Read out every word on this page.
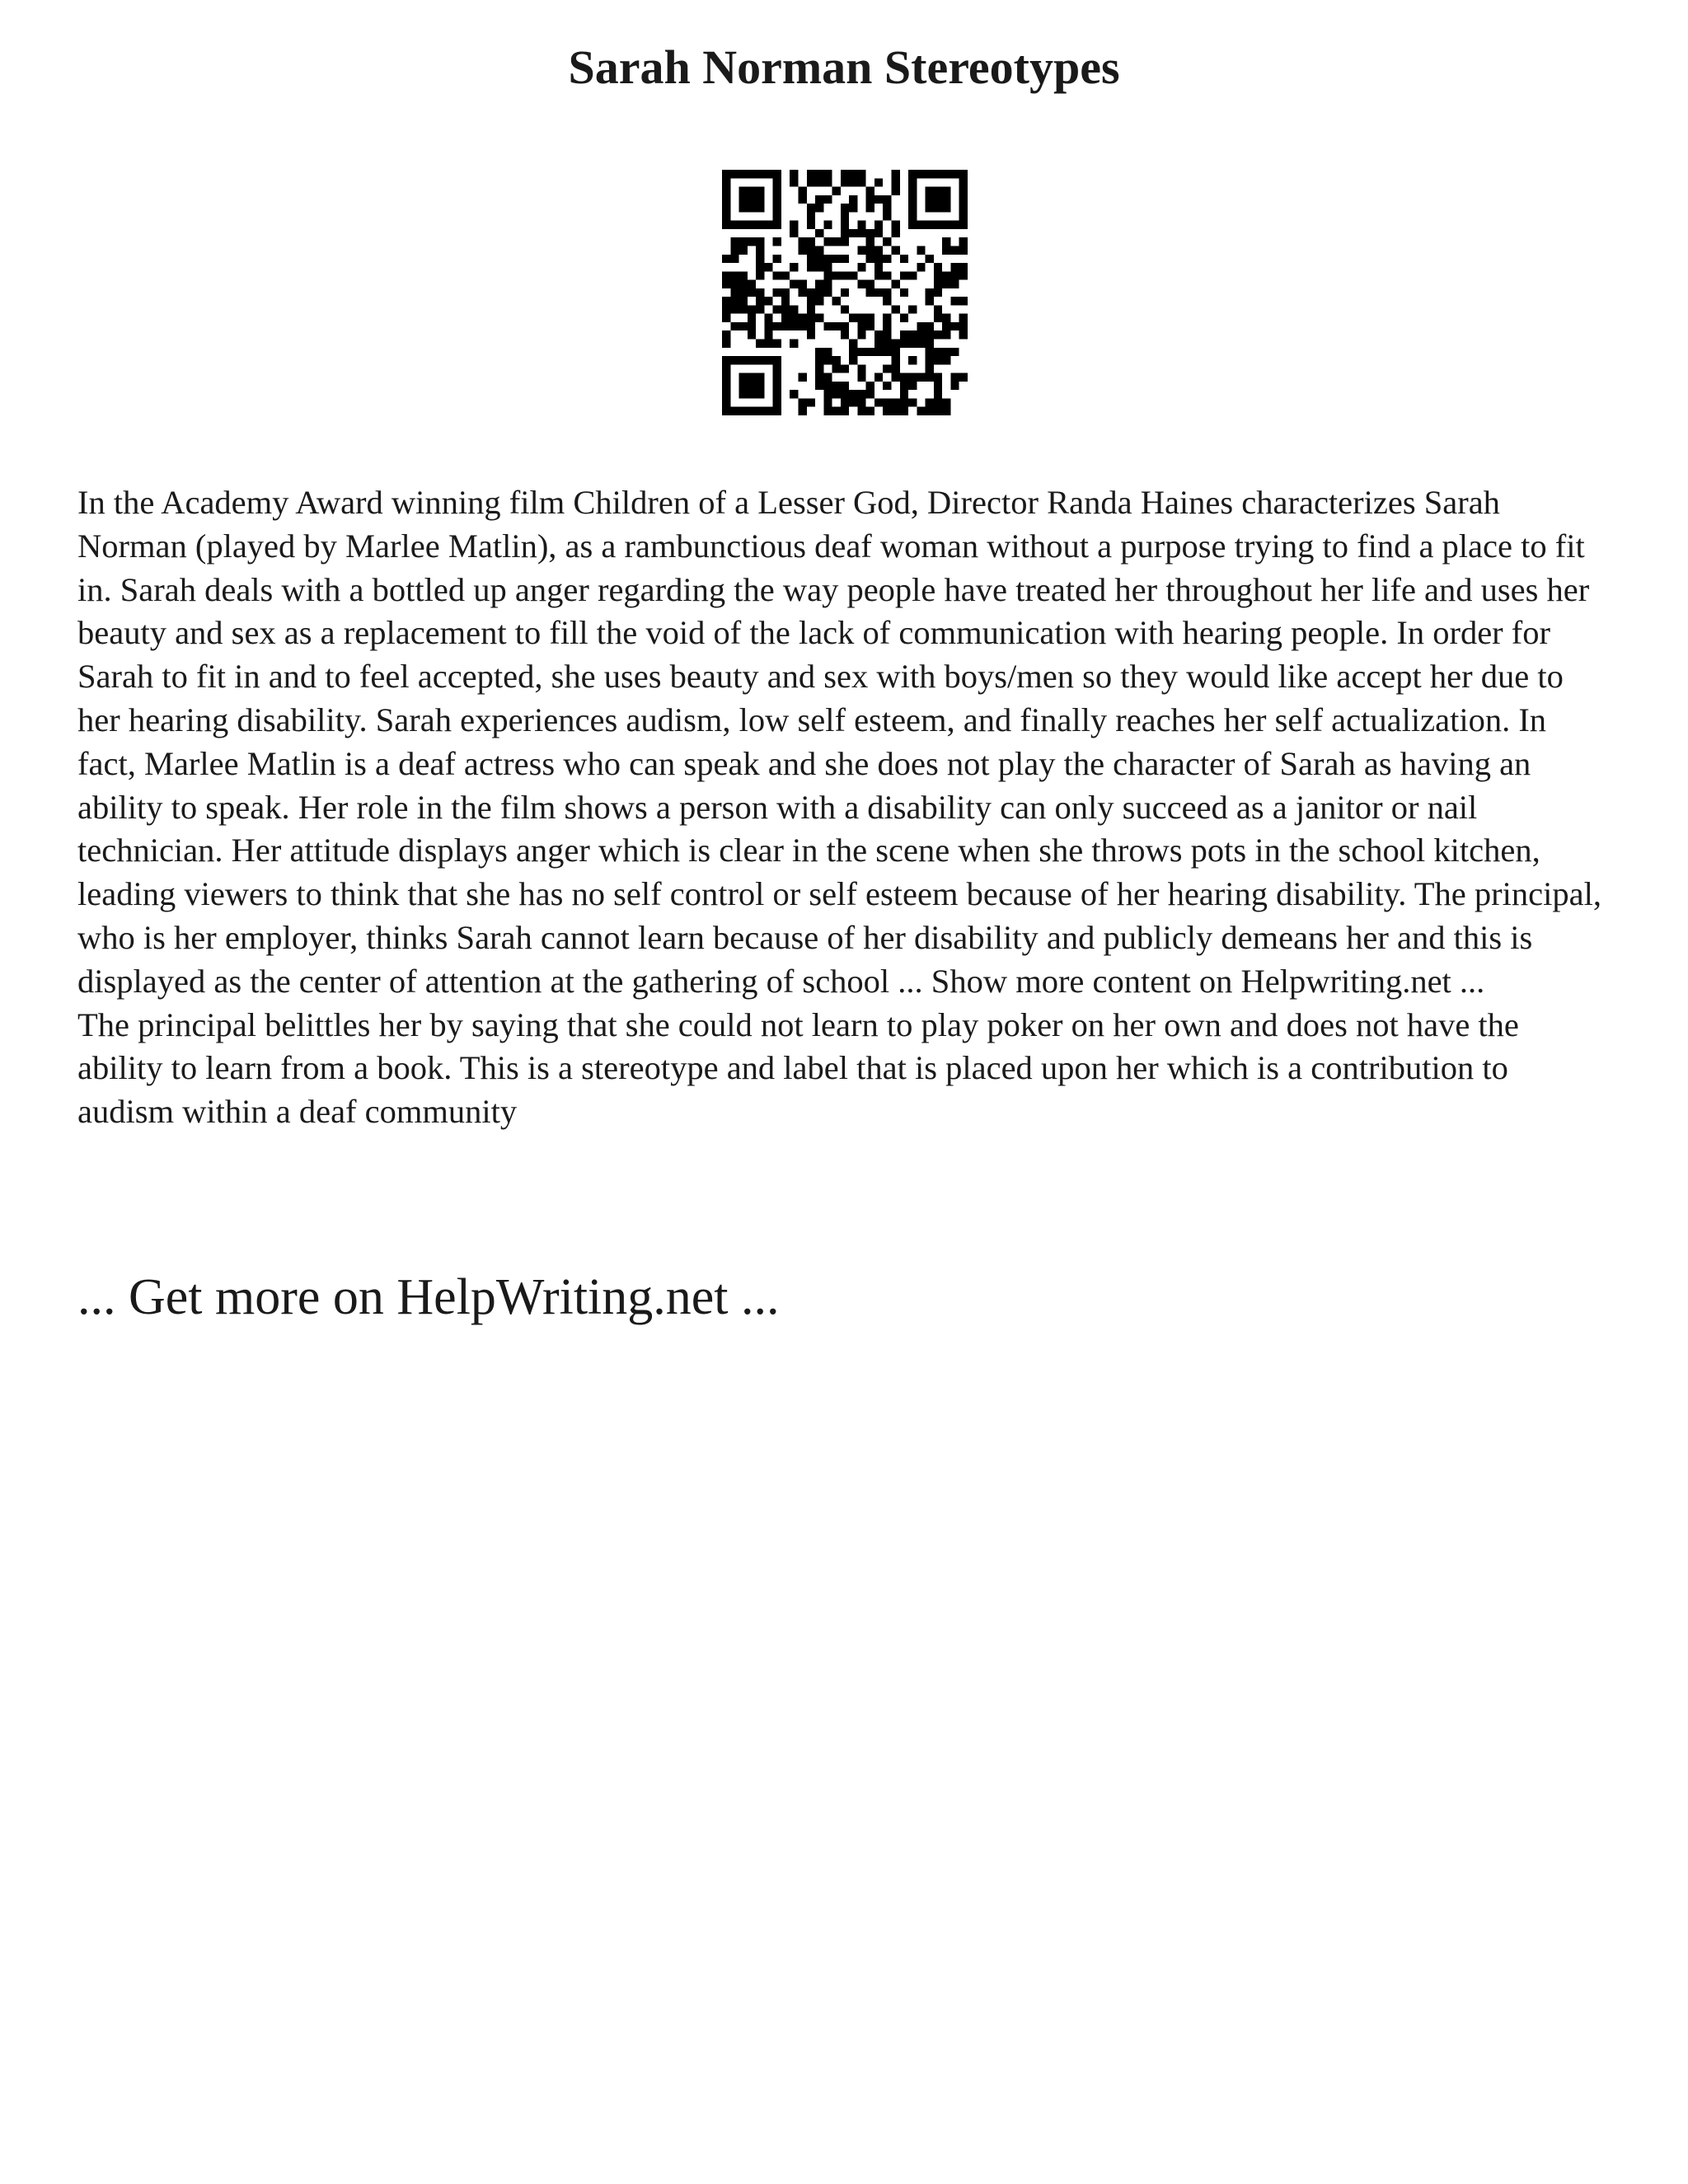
Sarah Norman Stereotypes

In the Academy Award winning film Children of a Lesser God, Director Randa Haines characterizes Sarah Norman (played by Marlee Matlin), as a rambunctious deaf woman without a purpose trying to find a place to fit in. Sarah deals with a bottled up anger regarding the way people have treated her throughout her life and uses her beauty and sex as a replacement to fill the void of the lack of communication with hearing people. In order for Sarah to fit in and to feel accepted, she uses beauty and sex with boys/men so they would like accept her due to her hearing disability. Sarah experiences audism, low self esteem, and finally reaches her self actualization. In fact, Marlee Matlin is a deaf actress who can speak and she does not play the character of Sarah as having an ability to speak. Her role in the film shows a person with a disability can only succeed as a janitor or nail technician. Her attitude displays anger which is clear in the scene when she throws pots in the school kitchen, leading viewers to think that she has no self control or self esteem because of her hearing disability. The principal, who is her employer, thinks Sarah cannot learn because of her disability and publicly demeans her and this is displayed as the center of attention at the gathering of school ... Show more content on Helpwriting.net ...

The principal belittles her by saying that she could not learn to play poker on her own and does not have the ability to learn from a book. This is a stereotype and label that is placed upon her which is a contribution to audism within a deaf community

... Get more on HelpWriting.net ...
